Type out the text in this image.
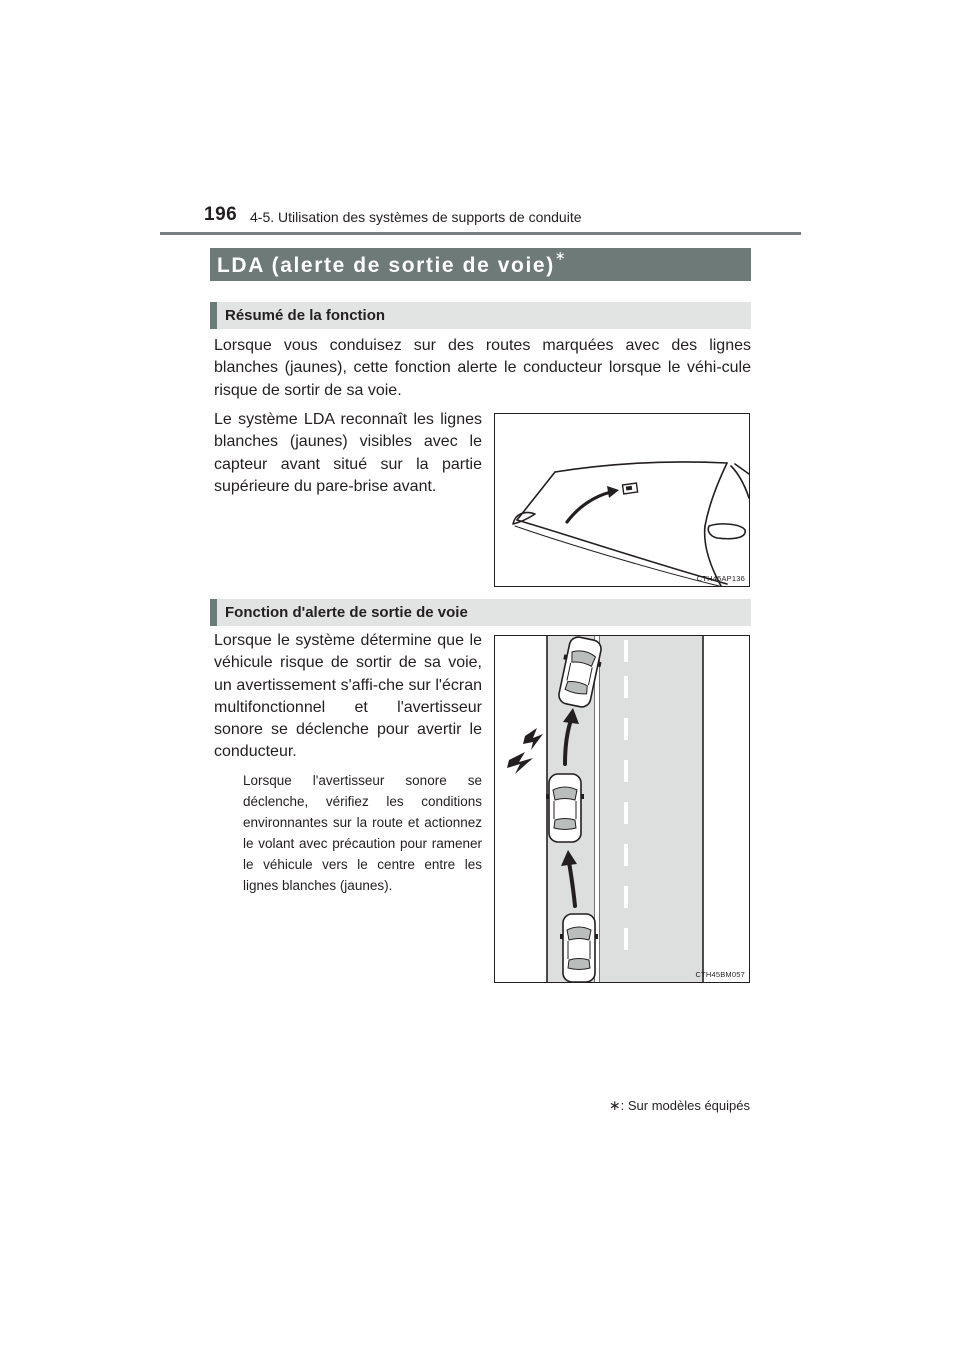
196 4-5. Utilisation des systèmes de supports de conduite
LDA (alerte de sortie de voie)∗
Résumé de la fonction

Lorsque vous conduisez sur des routes marquées avec des lignes blanches (jaunes), cette fonction alerte le conducteur lorsque le véhi-cule risque de sortir de sa voie.

Le système LDA reconnaît les lignes blanches (jaunes) visibles avec le capteur avant situé sur la partie supérieure du pare-brise avant.

CTH45AP136
Fonction d'alerte de sortie de voie

Lorsque le système détermine que le véhicule risque de sortir de sa voie, un avertissement s'affi-che sur l'écran multifonctionnel et l'avertisseur sonore se déclenche pour avertir le conducteur.

Lorsque l'avertisseur sonore se déclenche, vérifiez les conditions environnantes sur la route et actionnez le volant avec précaution pour ramener le véhicule vers le centre entre les lignes blanches (jaunes).

CTH45BM057
∗: Sur modèles équipés
